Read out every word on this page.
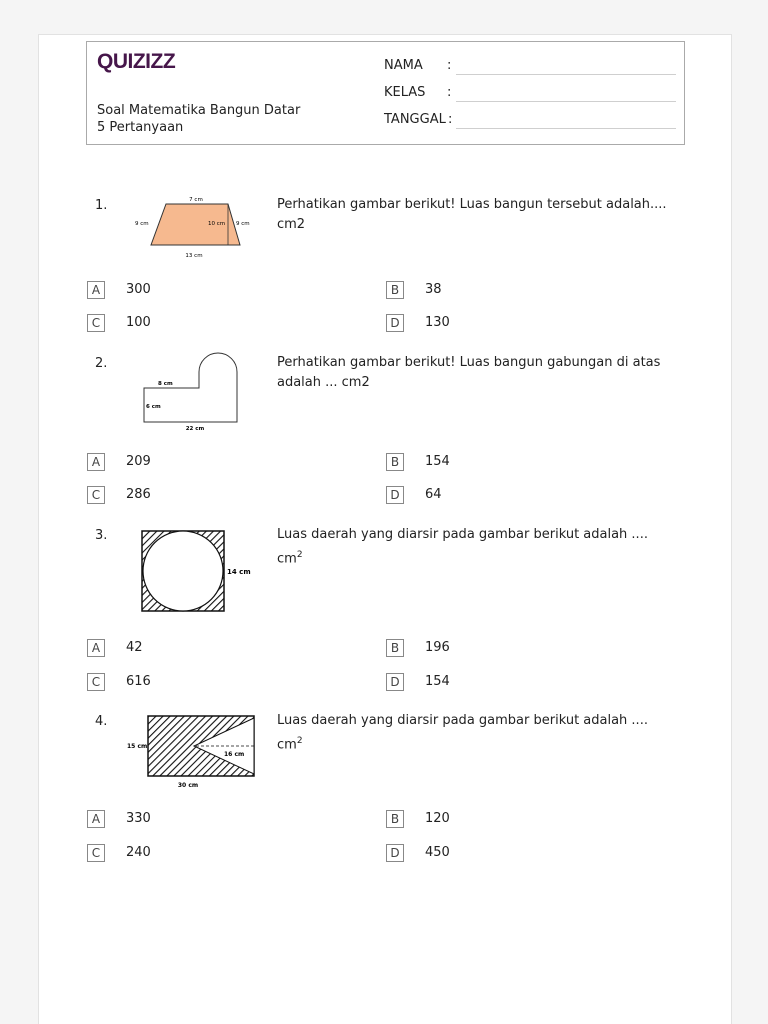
QUIZIZZ
Soal Matematika Bangun Datar
5 Pertanyaan
NAMA :
KELAS :
TANGGAL :
1.	7 cm
9 cm	10 cm 9 cm
13 cm
Perhatikan gambar berikut! Luas bangun tersebut adalah.... cm2
A	300	B	38
C	100	D	130
2.
8 cm
6 cm
22 cm
Perhatikan gambar berikut! Luas bangun gabungan di atas
adalah ... cm2
A	209	B	154
C	286	D	64
3.
14 cm
Luas daerah yang diarsir pada gambar berikut adalah .... $cm^2$
A	42	B	196
C	616	D	154
4.
15 cm
16 cm
30 cm
Luas daerah yang diarsir pada gambar berikut adalah .... $cm^2$
A	330	B	120
C	240	D	450
